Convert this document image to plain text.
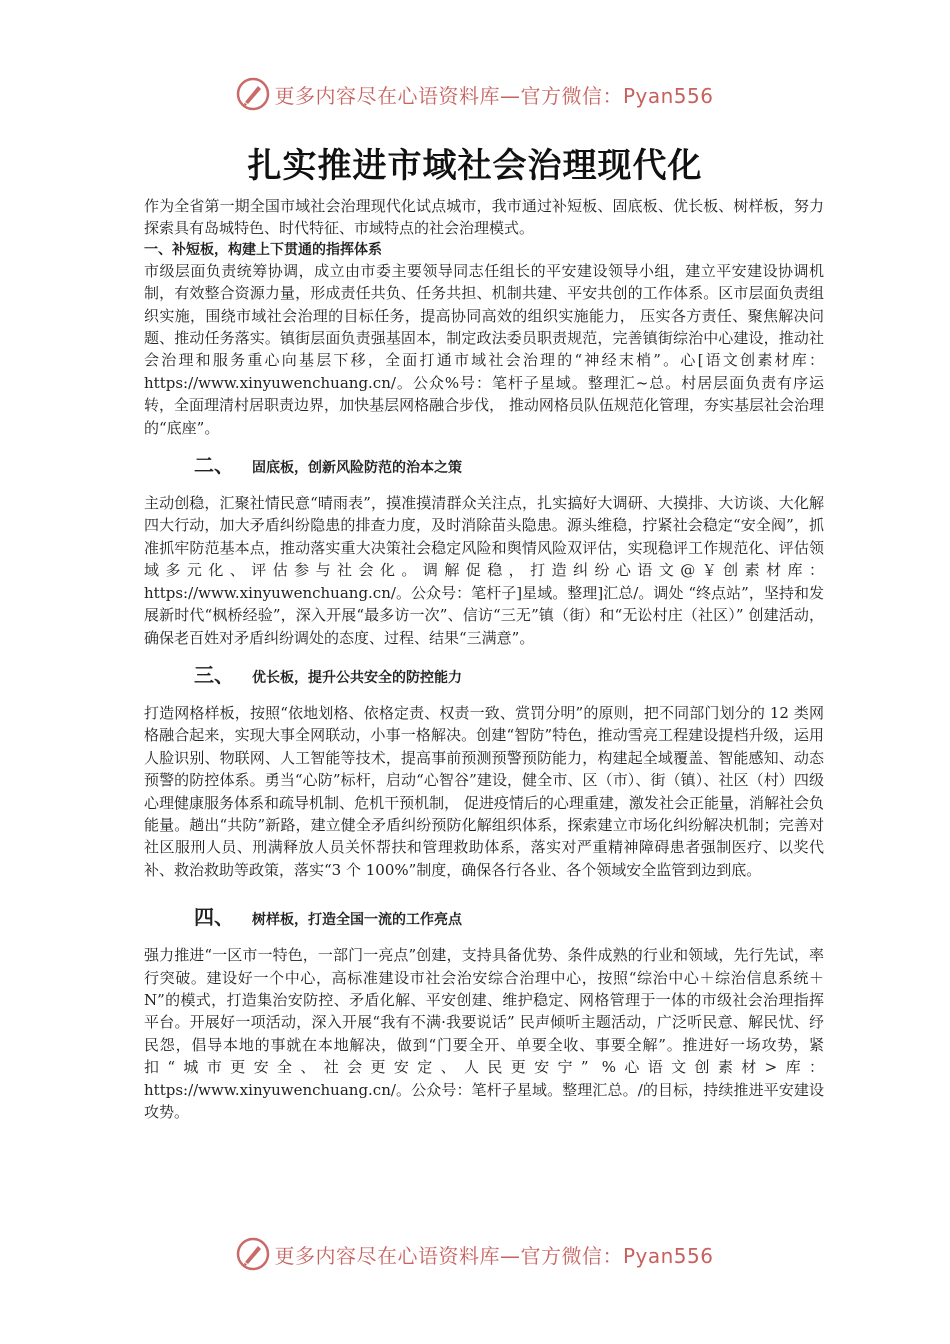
更多内容尽在心语资料库—官方微信：Pyan556
扎实推进市域社会治理现代化

作为全省第一期全国市域社会治理现代化试点城市，我市通过补短板、固底板、优长板、树样板，努力探索具有岛城特色、时代特征、市域特点的社会治理模式。

一、补短板，构建上下贯通的指挥体系

市级层面负责统筹协调，成立由市委主要领导同志任组长的平安建设领导小组，建立平安建设协调机制，有效整合资源力量，形成责任共负、任务共担、机制共建、平安共创的工作体系。区市层面负责组织实施，围绕市域社会治理的目标任务，提高协同高效的组织实施能力， 压实各方责任、聚焦解决问题、推动任务落实。镇街层面负责强基固本，制定政法委员职责规范，完善镇街综治中心建设，推动社会治理和服务重心向基层下移，全面打通市域社会治理的“神经末梢”。心[语文创素材库：https://www.xinyuwenchuang.cn/。公众%号：笔杆子星域。整理汇~总。村居层面负责有序运转，全面理清村居职责边界，加快基层网格融合步伐， 推动网格员队伍规范化管理，夯实基层社会治理的“底座”。

二、 固底板，创新风险防范的治本之策

主动创稳，汇聚社情民意“晴雨表”，摸准摸清群众关注点，扎实搞好大调研、大摸排、大访谈、大化解四大行动，加大矛盾纠纷隐患的排查力度，及时消除苗头隐患。源头维稳，拧紧社会稳定“安全阀”，抓准抓牢防范基本点，推动落实重大决策社会稳定风险和舆情风险双评估，实现稳评工作规范化、评估领域多元化、评估参与社会化。调解促稳，打造纠纷心语文@￥创素材库：https://www.xinyuwenchuang.cn/。公众号：笔杆子]星域。整理]汇总/。调处 “终点站”，坚持和发展新时代“枫桥经验”，深入开展“最多访一次”、信访“三无”镇（街）和“无讼村庄（社区）” 创建活动，确保老百姓对矛盾纠纷调处的态度、过程、结果“三满意”。

三、 优长板，提升公共安全的防控能力

打造网格样板，按照“依地划格、依格定责、权责一致、赏罚分明”的原则，把不同部门划分的 12 类网格融合起来，实现大事全网联动，小事一格解决。创建“智防”特色，推动雪亮工程建设提档升级，运用人脸识别、物联网、人工智能等技术，提高事前预测预警预防能力，构建起全域覆盖、智能感知、动态预警的防控体系。勇当“心防”标杆，启动“心智谷”建设，健全市、区（市）、街（镇）、社区（村）四级心理健康服务体系和疏导机制、危机干预机制， 促进疫情后的心理重建，激发社会正能量，消解社会负能量。趟出“共防”新路，建立健全矛盾纠纷预防化解组织体系，探索建立市场化纠纷解决机制；完善对社区服刑人员、刑满释放人员关怀帮扶和管理救助体系，落实对严重精神障碍患者强制医疗、以奖代补、救治救助等政策，落实“3 个 100%”制度，确保各行各业、各个领域安全监管到边到底。

四、 树样板，打造全国一流的工作亮点

强力推进“一区市一特色，一部门一亮点”创建，支持具备优势、条件成熟的行业和领域，先行先试，率行突破。建设好一个中心，高标准建设市社会治安综合治理中心，按照“综治中心＋综治信息系统＋N”的模式，打造集治安防控、矛盾化解、平安创建、维护稳定、网格管理于一体的市级社会治理指挥平台。开展好一项活动，深入开展“我有不满·我要说话” 民声倾听主题活动，广泛听民意、解民忧、纾民怨，倡导本地的事就在本地解决，做到“门要全开、单要全收、事要全解”。推进好一场攻势，紧扣“城市更安全、社会更安定、人民更安宁” %心语文创素材>库：https://www.xinyuwenchuang.cn/。公众号：笔杆子星域。整理汇总。/的目标，持续推进平安建设攻势。

更多内容尽在心语资料库—官方微信：Pyan556
